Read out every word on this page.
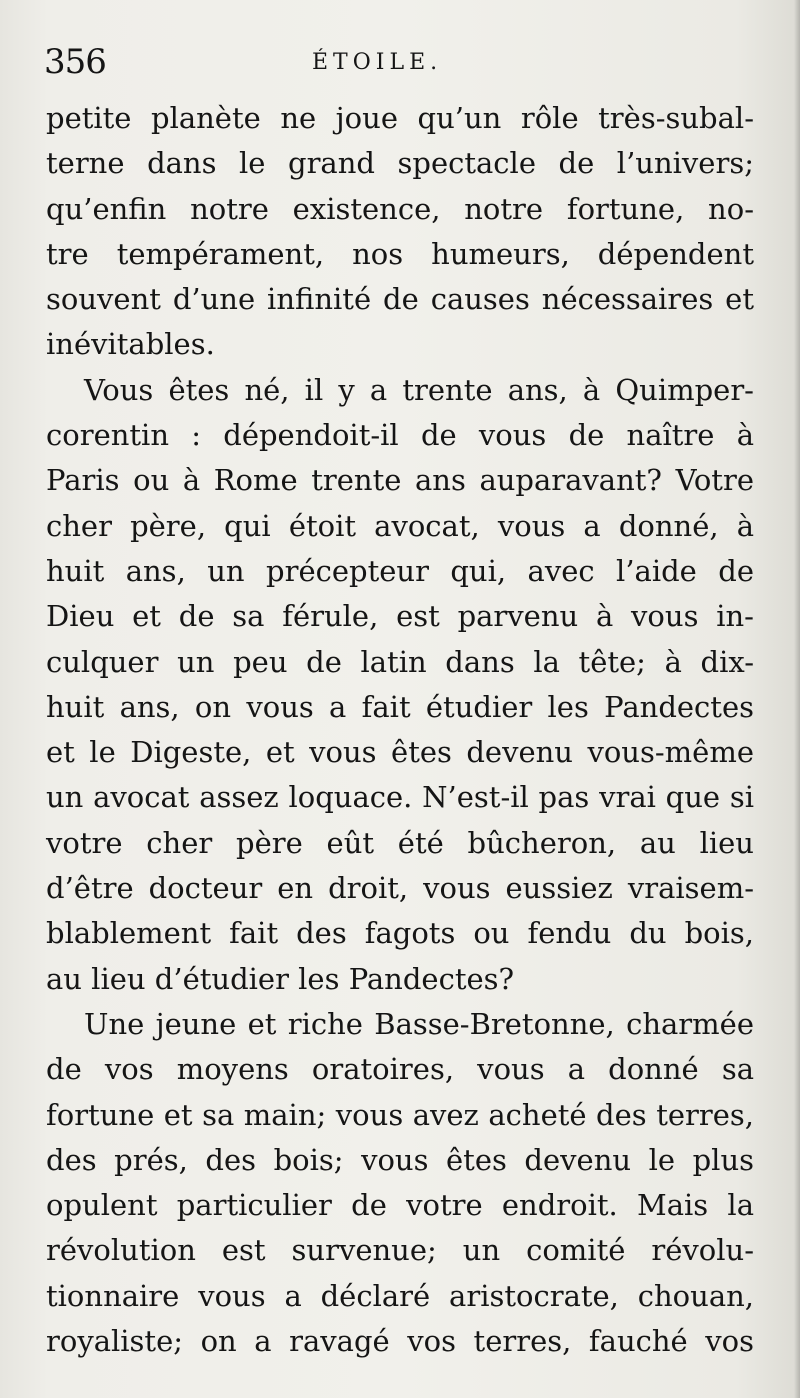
356	ÉTOILE.
petite planète ne joue qu’un rôle très-subal-
terne dans le grand spectacle de l’univers;
qu’enfin notre existence, notre fortune, no-
tre tempérament, nos humeurs, dépendent
souvent d’une infinité de causes nécessaires et
inévitables.
Vous êtes né, il y a trente ans, à Quimper-
corentin : dépendoit-il de vous de naître à
Paris ou à Rome trente ans auparavant? Votre
cher père, qui étoit avocat, vous a donné, à
huit ans, un précepteur qui, avec l’aide de
Dieu et de sa férule, est parvenu à vous in-
culquer un peu de latin dans la tête; à dix-
huit ans, on vous a fait étudier les Pandectes
et le Digeste, et vous êtes devenu vous-même
un avocat assez loquace. N’est-il pas vrai que si
votre cher père eût été bûcheron, au lieu
d’être docteur en droit, vous eussiez vraisem-
blablement fait des fagots ou fendu du bois,
au lieu d’étudier les Pandectes?
Une jeune et riche Basse-Bretonne, charmée
de vos moyens oratoires, vous a donné sa
fortune et sa main; vous avez acheté des terres,
des prés, des bois; vous êtes devenu le plus
opulent particulier de votre endroit. Mais la
révolution est survenue; un comité révolu-
tionnaire vous a déclaré aristocrate, chouan,
royaliste; on a ravagé vos terres, fauché vos
